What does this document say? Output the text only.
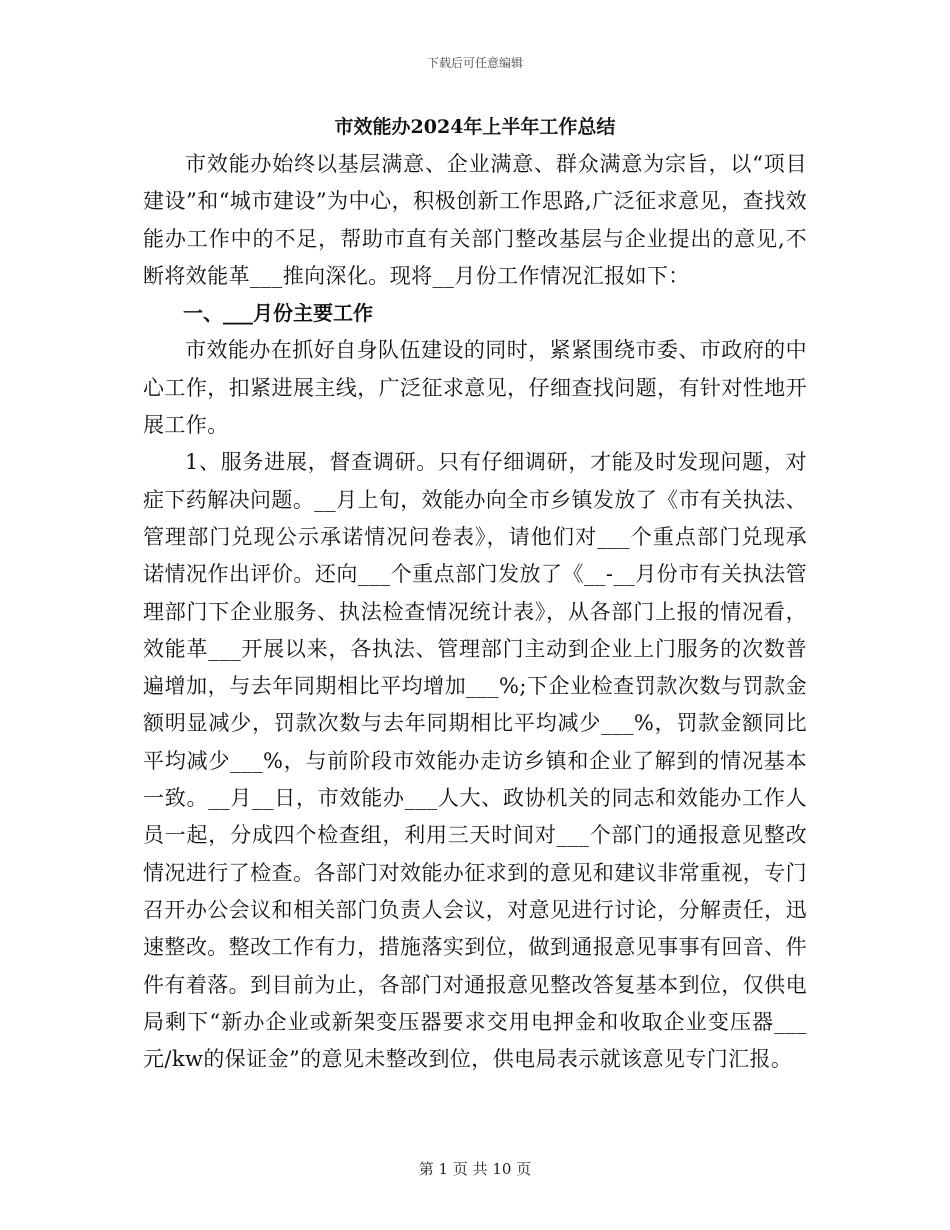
下载后可任意编辑
市效能办2024年上半年工作总结

市效能办始终以基层满意、企业满意、群众满意为宗旨，以“项目建设”和“城市建设”为中心，积极创新工作思路,广泛征求意见，查找效能办工作中的不足，帮助市直有关部门整改基层与企业提出的意见,不断将效能革___推向深化。现将__月份工作情况汇报如下：

一、___月份主要工作

市效能办在抓好自身队伍建设的同时，紧紧围绕市委、市政府的中心工作，扣紧进展主线，广泛征求意见，仔细查找问题，有针对性地开展工作。

1、服务进展，督查调研。只有仔细调研，才能及时发现问题，对症下药解决问题。__月上旬，效能办向全市乡镇发放了《市有关执法、管理部门兑现公示承诺情况问卷表》，请他们对___个重点部门兑现承诺情况作出评价。还向___个重点部门发放了《__-__月份市有关执法管理部门下企业服务、执法检查情况统计表》，从各部门上报的情况看，效能革___开展以来，各执法、管理部门主动到企业上门服务的次数普遍增加，与去年同期相比平均增加___%;下企业检查罚款次数与罚款金额明显减少，罚款次数与去年同期相比平均减少___%，罚款金额同比平均减少___%，与前阶段市效能办走访乡镇和企业了解到的情况基本一致。__月__日，市效能办___人大、政协机关的同志和效能办工作人员一起，分成四个检查组，利用三天时间对___个部门的通报意见整改情况进行了检查。各部门对效能办征求到的意见和建议非常重视，专门召开办公会议和相关部门负责人会议，对意见进行讨论，分解责任，迅速整改。整改工作有力，措施落实到位，做到通报意见事事有回音、件件有着落。到目前为止，各部门对通报意见整改答复基本到位，仅供电局剩下“新办企业或新架变压器要求交用电押金和收取企业变压器___元/kw的保证金”的意见未整改到位，供电局表示就该意见专门汇报。

第 1 页 共 10 页
